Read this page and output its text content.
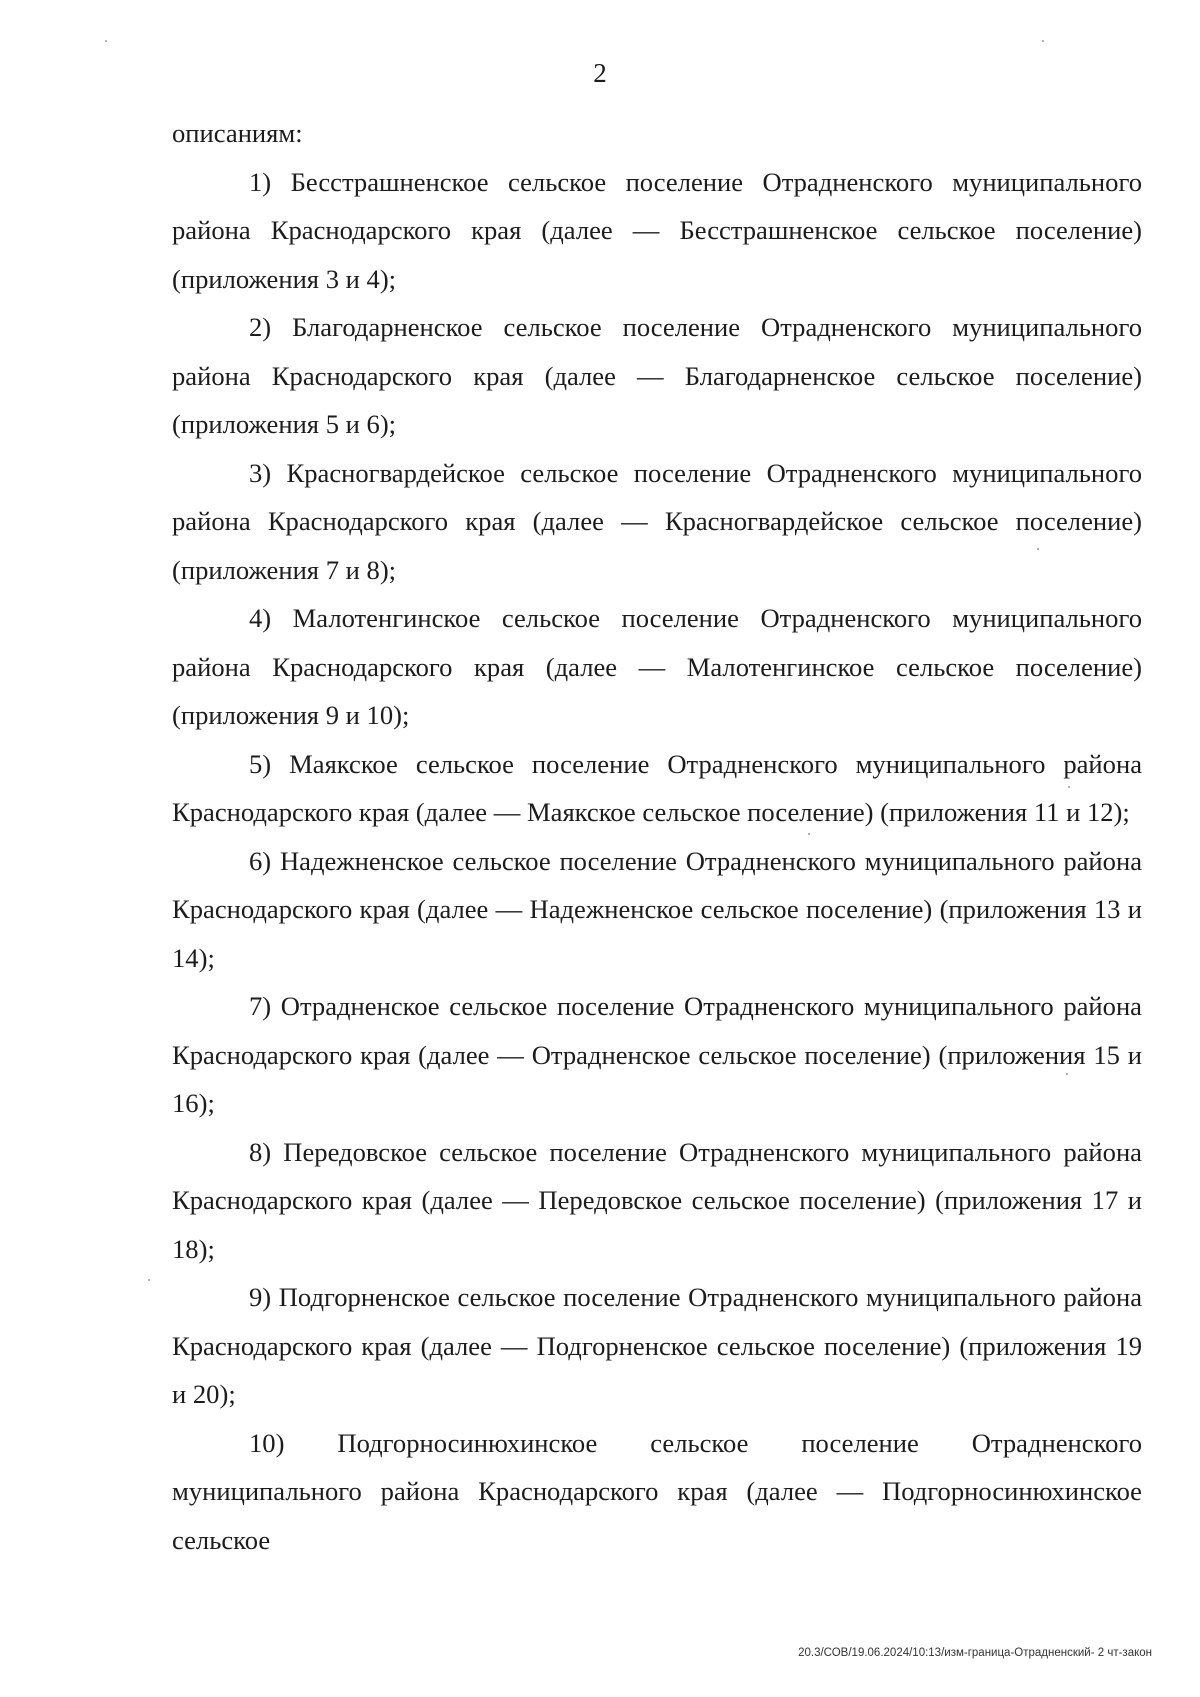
2

описаниям:

1) Бесстрашненское сельское поселение Отрадненского муниципального района Краснодарского края (далее — Бесстрашненское сельское поселение) (приложения 3 и 4);

2) Благодарненское сельское поселение Отрадненского муниципального района Краснодарского края (далее — Благодарненское сельское поселение) (приложения 5 и 6);

3) Красногвардейское сельское поселение Отрадненского муниципального района Краснодарского края (далее — Красногвардейское сельское поселение) (приложения 7 и 8);

4) Малотенгинское сельское поселение Отрадненского муниципального района Краснодарского края (далее — Малотенгинское сельское поселение) (приложения 9 и 10);

5) Маякское сельское поселение Отрадненского муниципального района Краснодарского края (далее — Маякское сельское поселение) (приложения 11 и 12);

6) Надежненское сельское поселение Отрадненского муниципального района Краснодарского края (далее — Надежненское сельское поселение) (приложения 13 и 14);

7) Отрадненское сельское поселение Отрадненского муниципального района Краснодарского края (далее — Отрадненское сельское поселение) (приложения 15 и 16);

8) Передовское сельское поселение Отрадненского муниципального района Краснодарского края (далее — Передовское сельское поселение) (приложения 17 и 18);

9) Подгорненское сельское поселение Отрадненского муниципального района Краснодарского края (далее — Подгорненское сельское поселение) (приложения 19 и 20);

10) Подгорносинюхинское сельское поселение Отрадненского муниципального района Краснодарского края (далее — Подгорносинюхинское сельское

20.3/СОВ/19.06.2024/10:13/изм-граница-Отрадненский- 2 чт-закон
